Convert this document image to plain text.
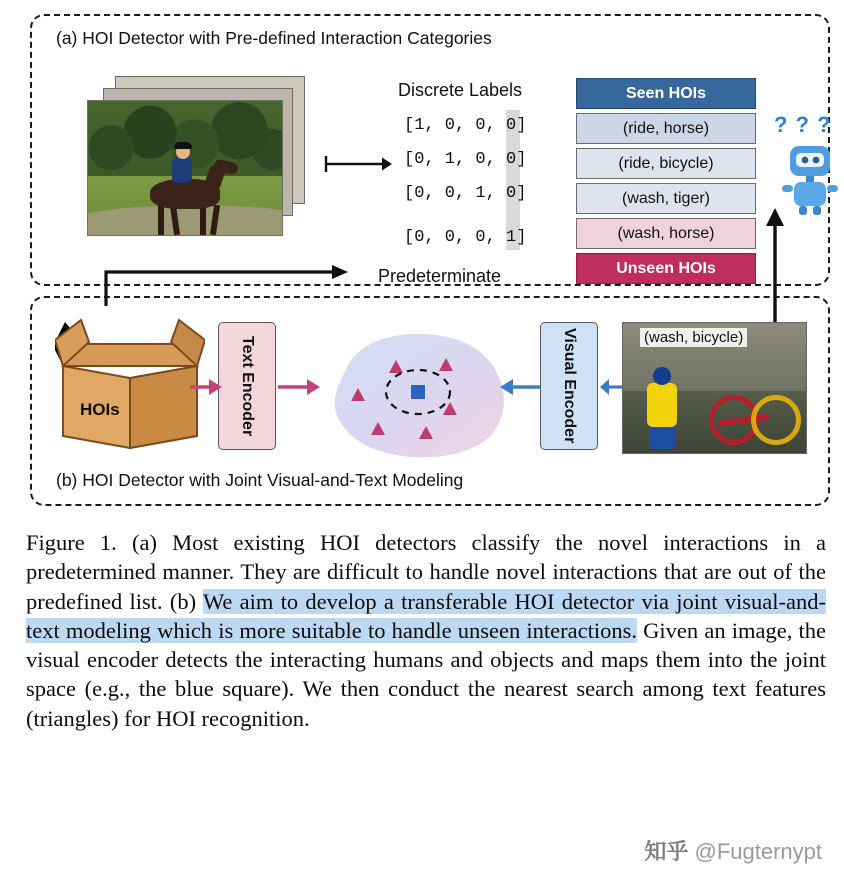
(a) HOI Detector with Pre-defined Interaction Categories
Discrete Labels
[1, 0, 0, 0]
[0, 1, 0, 0]
[0, 0, 1, 0]
[0, 0, 0, 1]
Predeterminate
Seen HOIs
(ride, horse)
(ride, bicycle)
(wash, tiger)
(wash, horse)
Unseen HOIs
? ? ?
(b) HOI Detector with Joint Visual-and-Text Modeling
HOIs	Text Encoder	Visual Encoder	(wash, bicycle)
Figure 1. (a) Most existing HOI detectors classify the novel interactions in a predetermined manner. They are difficult to handle novel interactions that are out of the predefined list. (b) We aim to develop a transferable HOI detector via joint visual-and-text modeling which is more suitable to handle unseen interactions. Given an image, the visual encoder detects the interacting humans and objects and maps them into the joint space (e.g., the blue square). We then conduct the nearest search among text features (triangles) for HOI recognition.
知乎 @Fugternypt
